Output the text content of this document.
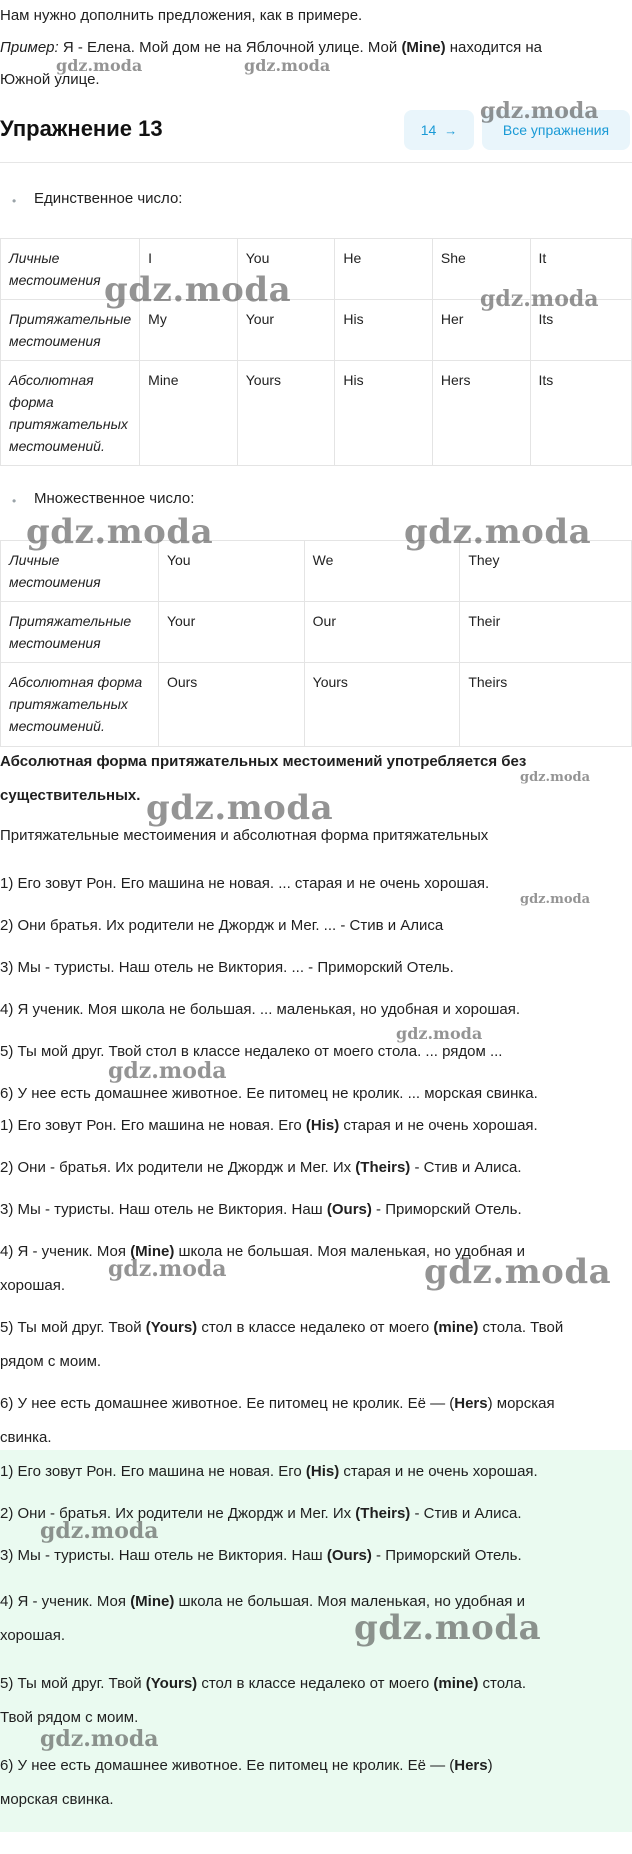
Нам нужно дополнить предложения, как в примере.
Пример: Я - Елена. Мой дом не на Яблочной улице. Мой (Mine) находится на
Южной улице.
Упражнение 13	14 →	Все упражнения
•	Единственное число:
Личные местоимения	I	You	He	She	It
Притяжательные местоимения	My	Your	His	Her	Its
Абсолютная форма притяжательных местоимений.	Mine	Yours	His	Hers	Its
•	Множественное число:
Личные местоимения	You	We	They
Притяжательные местоимения	Your	Our	Their
Абсолютная форма притяжательных местоимений.	Ours	Yours	Theirs
Абсолютная форма притяжательных местоимений употребляется без
существительных.
Притяжательные местоимения и абсолютная форма притяжательных
1) Его зовут Рон. Его машина не новая. ... старая и не очень хорошая.
2) Они братья. Их родители не Джордж и Мег. ... - Стив и Алиса
3) Мы - туристы. Наш отель не Виктория. ... - Приморский Отель.
4) Я ученик. Моя школа не большая. ... маленькая, но удобная и хорошая.
5) Ты мой друг. Твой стол в классе недалеко от моего стола. ... рядом ...
6) У нее есть домашнее животное. Ее питомец не кролик. ... морская свинка.
1) Его зовут Рон. Его машина не новая. Его (His) старая и не очень хорошая.
2) Они - братья. Их родители не Джордж и Мег. Их (Theirs) - Стив и Алиса.
3) Мы - туристы. Наш отель не Виктория. Наш (Ours) - Приморский Отель.
4) Я - ученик. Моя (Mine) школа не большая. Моя маленькая, но удобная и
хорошая.
5) Ты мой друг. Твой (Yours) стол в классе недалеко от моего (mine) стола. Твой
рядом с моим.
6) У нее есть домашнее животное. Ее питомец не кролик. Её — (Hers) морская
свинка.
1) Его зовут Рон. Его машина не новая. Его (His) старая и не очень хорошая.
2) Они - братья. Их родители не Джордж и Мег. Их (Theirs) - Стив и Алиса.
3) Мы - туристы. Наш отель не Виктория. Наш (Ours) - Приморский Отель.
4) Я - ученик. Моя (Mine) школа не большая. Моя маленькая, но удобная и
хорошая.
5) Ты мой друг. Твой (Yours) стол в классе недалеко от моего (mine) стола.
Твой рядом с моим.
6) У нее есть домашнее животное. Ее питомец не кролик. Её — (Hers)
морская свинка.
gdz.moda	gdz.moda
gdz.moda
gdz.moda	gdz.moda
gdz.moda	gdz.moda
gdz.moda
gdz.moda
gdz.moda
gdz.moda
gdz.moda
gdz.moda	gdz.moda
gdz.moda
gdz.moda
gdz.moda
